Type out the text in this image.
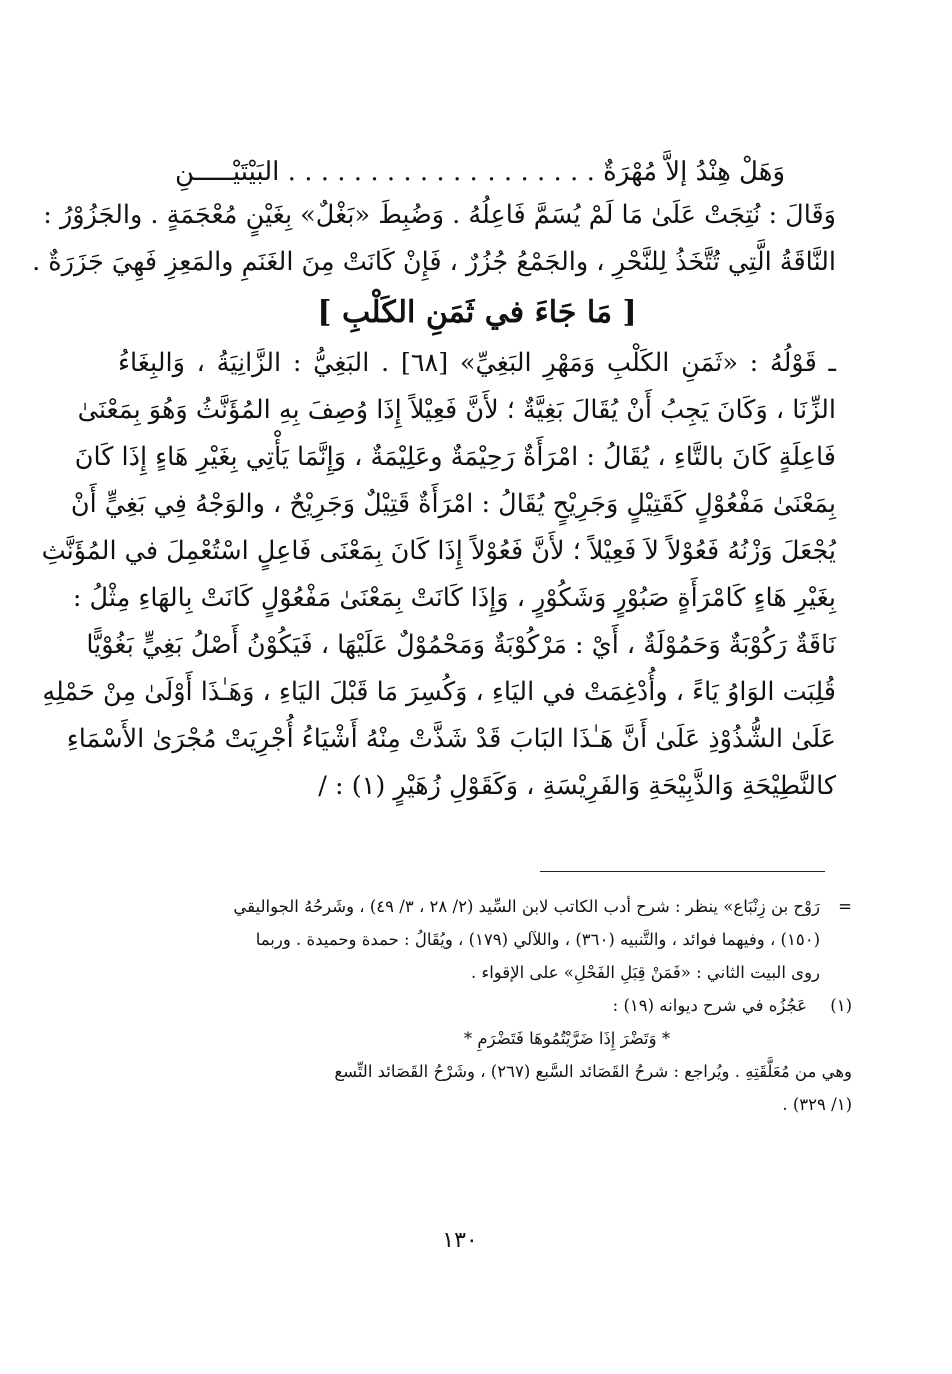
وَهَلْ هِنْدُ إلاَّ مُهْرَةٌ . . . . . . .
. . . . . . . . . . . . البَيْتَيْـــــنِ
وَقَالَ : نُتِجَتْ عَلَىٰ مَا لَمْ يُسَمَّ فَاعِلُهُ . وَضُبِطَ «بَغْلٌ» بِغَيْنٍ مُعْجَمَةٍ . والجَزُوْرُ :
النَّاقَةُ الَّتِي تُتَّخَذُ لِلنَّحْرِ ، والجَمْعُ جُزُرٌ ، فَإِنْ كَانَتْ مِنَ الغَنَمِ والمَعِزِ فَهِيَ جَزَرَةٌ .
[ مَا جَاءَ في ثَمَنِ الكَلْبِ ]
ـ قَوْلُهُ : «ثَمَنِ الكَلْبِ وَمَهْرِ البَغِيِّ» [٦٨] . البَغِيُّ : الزَّانِيَةُ ، وَالبِغَاءُ
الزِّنَا ، وَكَانَ يَجِبُ أَنْ يُقَالَ بَغِيَّةٌ ؛ لأَنَّ فَعِيْلاً إِذَا وُصِفَ بِهِ المُؤَنَّثُ وَهُوَ بِمَعْنَىٰ
فَاعِلَةٍ كَانَ بالتَّاءِ ، يُقَالُ : امْرَأَةٌ رَحِيْمَةٌ وعَلِيْمَةٌ ، وَإِنَّمَا يَأْتِي بِغَيْرِ هَاءٍ إِذَا كَانَ
بِمَعْنَىٰ مَفْعُوْلٍ كَقَتِيْلٍ وَجَرِيْحٍ يُقَالُ : امْرَأَةٌ قَتِيْلٌ وَجَرِيْحٌ ، والوَجْهُ فِي بَغِيٍّ أَنْ
يُجْعَلَ وَزْنُهُ فَعُوْلاً لاَ فَعِيْلاً ؛ لأَنَّ فَعُوْلاً إِذَا كَانَ بِمَعْنَى فَاعِلٍ اسْتُعْمِلَ في المُؤَنَّثِ
بِغَيْرِ هَاءٍ كَامْرَأَةٍ صَبُوْرٍ وَشَكُوْرٍ ، وَإِذَا كَانَتْ بِمَعْنَىٰ مَفْعُوْلٍ كَانَتْ بِالهَاءِ مِثْلُ :
نَاقَةٌ رَكُوْبَةٌ وَحَمُوْلَةٌ ، أَيْ : مَرْكُوْبَةٌ وَمَحْمُوْلٌ عَلَيْهَا ، فَيَكُوْنُ أَصْلُ بَغِيٍّ بَغُوْيًّا
قُلِبَت الوَاوُ يَاءً ، وأُدْغِمَتْ في اليَاءِ ، وَكُسِرَ مَا قَبْلَ اليَاءِ ، وَهَـٰذَا أَوْلَىٰ مِنْ حَمْلِهِ
عَلَىٰ الشُّذُوْذِ عَلَىٰ أَنَّ هَـٰذَا البَابَ قَدْ شَذَّتْ مِنْهُ أَشْيَاءُ أُجْرِيَتْ مُجْرَىٰ الأَسْمَاءِ
كالنَّطِيْحَةِ وَالذَّبِيْحَةِ وَالفَرِيْسَةِ ، وَكَقَوْلِ زُهَيْرٍ (١) : /
=رَوْح بن زِنْبَاع» ينظر : شرح أدب الكاتب لابن السِّيد (٢/ ٢٨ ، ٣/ ٤٩) ، وشَرحُهُ الجواليقي
(١٥٠) ، وفيهما فوائد ، والتَّنبيه (٣٦٠) ، واللآلي (١٧٩) ، ويُقَالُ : حمدة وحميدة . وربما
روى البيت الثاني : «فَمَنْ قِبَلِ الفَحْلِ» على الإقواء .
(١)عَجُزُه في شرح ديوانه (١٩) :
* وَتَضْرَ إِذَا ضَرَّيْتُمُوهَا فَتَضْرَمِ *
وهي من مُعَلَّقَتِهِ . ويُراجع : شرحُ القَصَائد السَّبع (٢٦٧) ، وشَرْحُ القَصَائد التِّسع
(١/ ٣٢٩) .
١٣٠
